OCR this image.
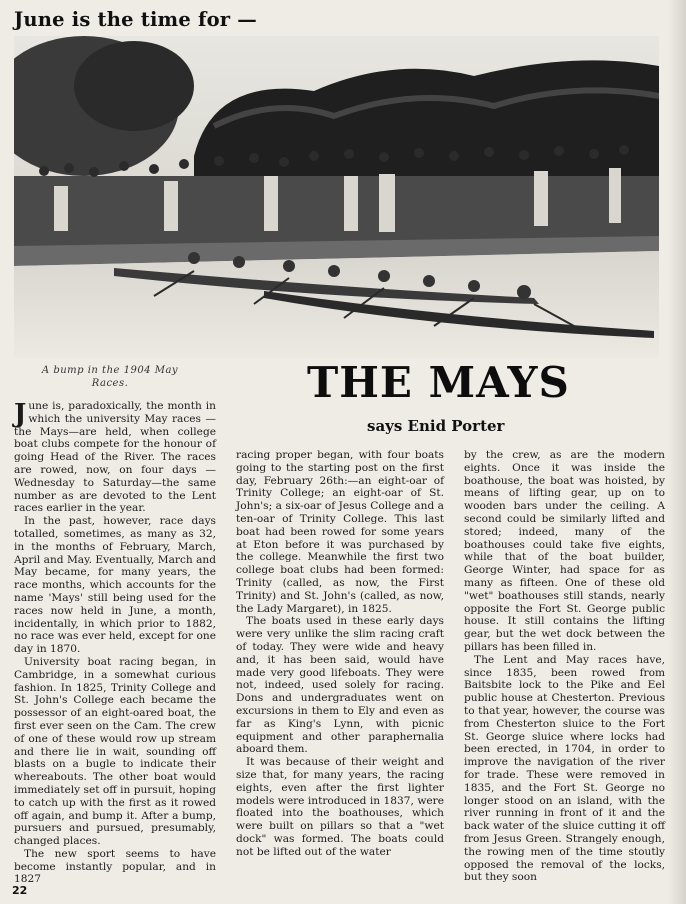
June is the time for —
A bump in the 1904 May
Races.	THE MAYS
says Enid Porter

June is, paradoxically, the month in which the university May races —the Mays—are held, when college boat clubs compete for the honour of going Head of the River. The races are rowed, now, on four days —Wednesday to Saturday—the same number as are devoted to the Lent races earlier in the year.

In the past, however, race days totalled, sometimes, as many as 32, in the months of February, March, April and May. Eventually, March and May became, for many years, the race months, which accounts for the name 'Mays' still being used for the races now held in June, a month, incidentally, in which prior to 1882, no race was ever held, except for one day in 1870.

University boat racing began, in Cambridge, in a somewhat curious fashion. In 1825, Trinity College and St. John's College each became the possessor of an eight-oared boat, the first ever seen on the Cam. The crew of one of these would row up stream and there lie in wait, sounding off blasts on a bugle to indicate their whereabouts. The other boat would immediately set off in pursuit, hoping to catch up with the first as it rowed off again, and bump it. After a bump, pursuers and pursued, presumably, changed places.

The new sport seems to have become instantly popular, and in 1827

racing proper began, with four boats going to the starting post on the first day, February 26th:—an eight-oar of Trinity College; an eight-oar of St. John's; a six-oar of Jesus College and a ten-oar of Trinity College. This last boat had been rowed for some years at Eton before it was purchased by the college. Meanwhile the first two college boat clubs had been formed: Trinity (called, as now, the First Trinity) and St. John's (called, as now, the Lady Margaret), in 1825.

The boats used in these early days were very unlike the slim racing craft of today. They were wide and heavy and, it has been said, would have made very good lifeboats. They were not, indeed, used solely for racing. Dons and undergraduates went on excursions in them to Ely and even as far as King's Lynn, with picnic equipment and other paraphernalia aboard them.

It was because of their weight and size that, for many years, the racing eights, even after the first lighter models were introduced in 1837, were floated into the boathouses, which were built on pillars so that a "wet dock" was formed. The boats could not be lifted out of the water

by the crew, as are the modern eights. Once it was inside the boathouse, the boat was hoisted, by means of lifting gear, up on to wooden bars under the ceiling. A second could be similarly lifted and stored; indeed, many of the boathouses could take five eights, while that of the boat builder, George Winter, had space for as many as fifteen. One of these old "wet" boathouses still stands, nearly opposite the Fort St. George public house. It still contains the lifting gear, but the wet dock between the pillars has been filled in.

The Lent and May races have, since 1835, been rowed from Baitsbite lock to the Pike and Eel public house at Chesterton. Previous to that year, however, the course was from Chesterton sluice to the Fort St. George sluice where locks had been erected, in 1704, in order to improve the navigation of the river for trade. These were removed in 1835, and the Fort St. George no longer stood on an island, with the river running in front of it and the back water of the sluice cutting it off from Jesus Green. Strangely enough, the rowing men of the time stoutly opposed the removal of the locks, but they soon

22
